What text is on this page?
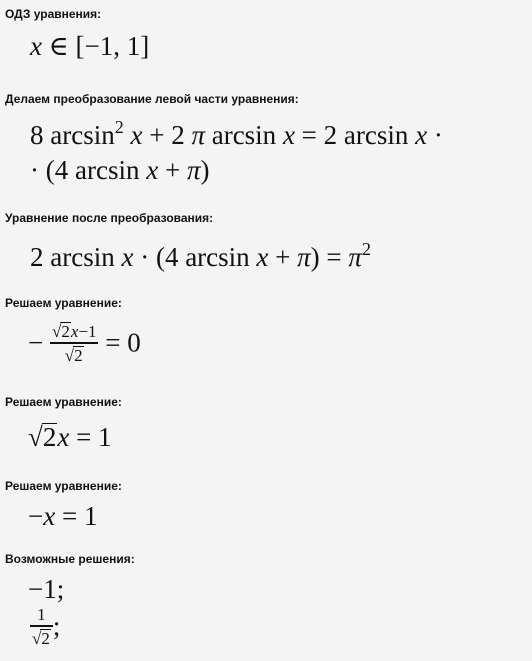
ОДЗ уравнения:
x ∈ [−1, 1]
Делаем преобразование левой части уравнения:
8 $\arcsin^2 x + 2$ π arcsin x = 2 arcsin x ·
· (4 arcsin x + π)
Уравнение после преобразования:
2 arcsin x · (4 $\arcsin x + \pi) = \pi^2$
Решаем уравнение:
− $\frac{√2x-1}{√2} = 0$
Решаем уравнение:
√2x = 1
Решаем уравнение:
−x = 1
Возможные решения:
−1;
$\frac{1}{√2}$ ;
